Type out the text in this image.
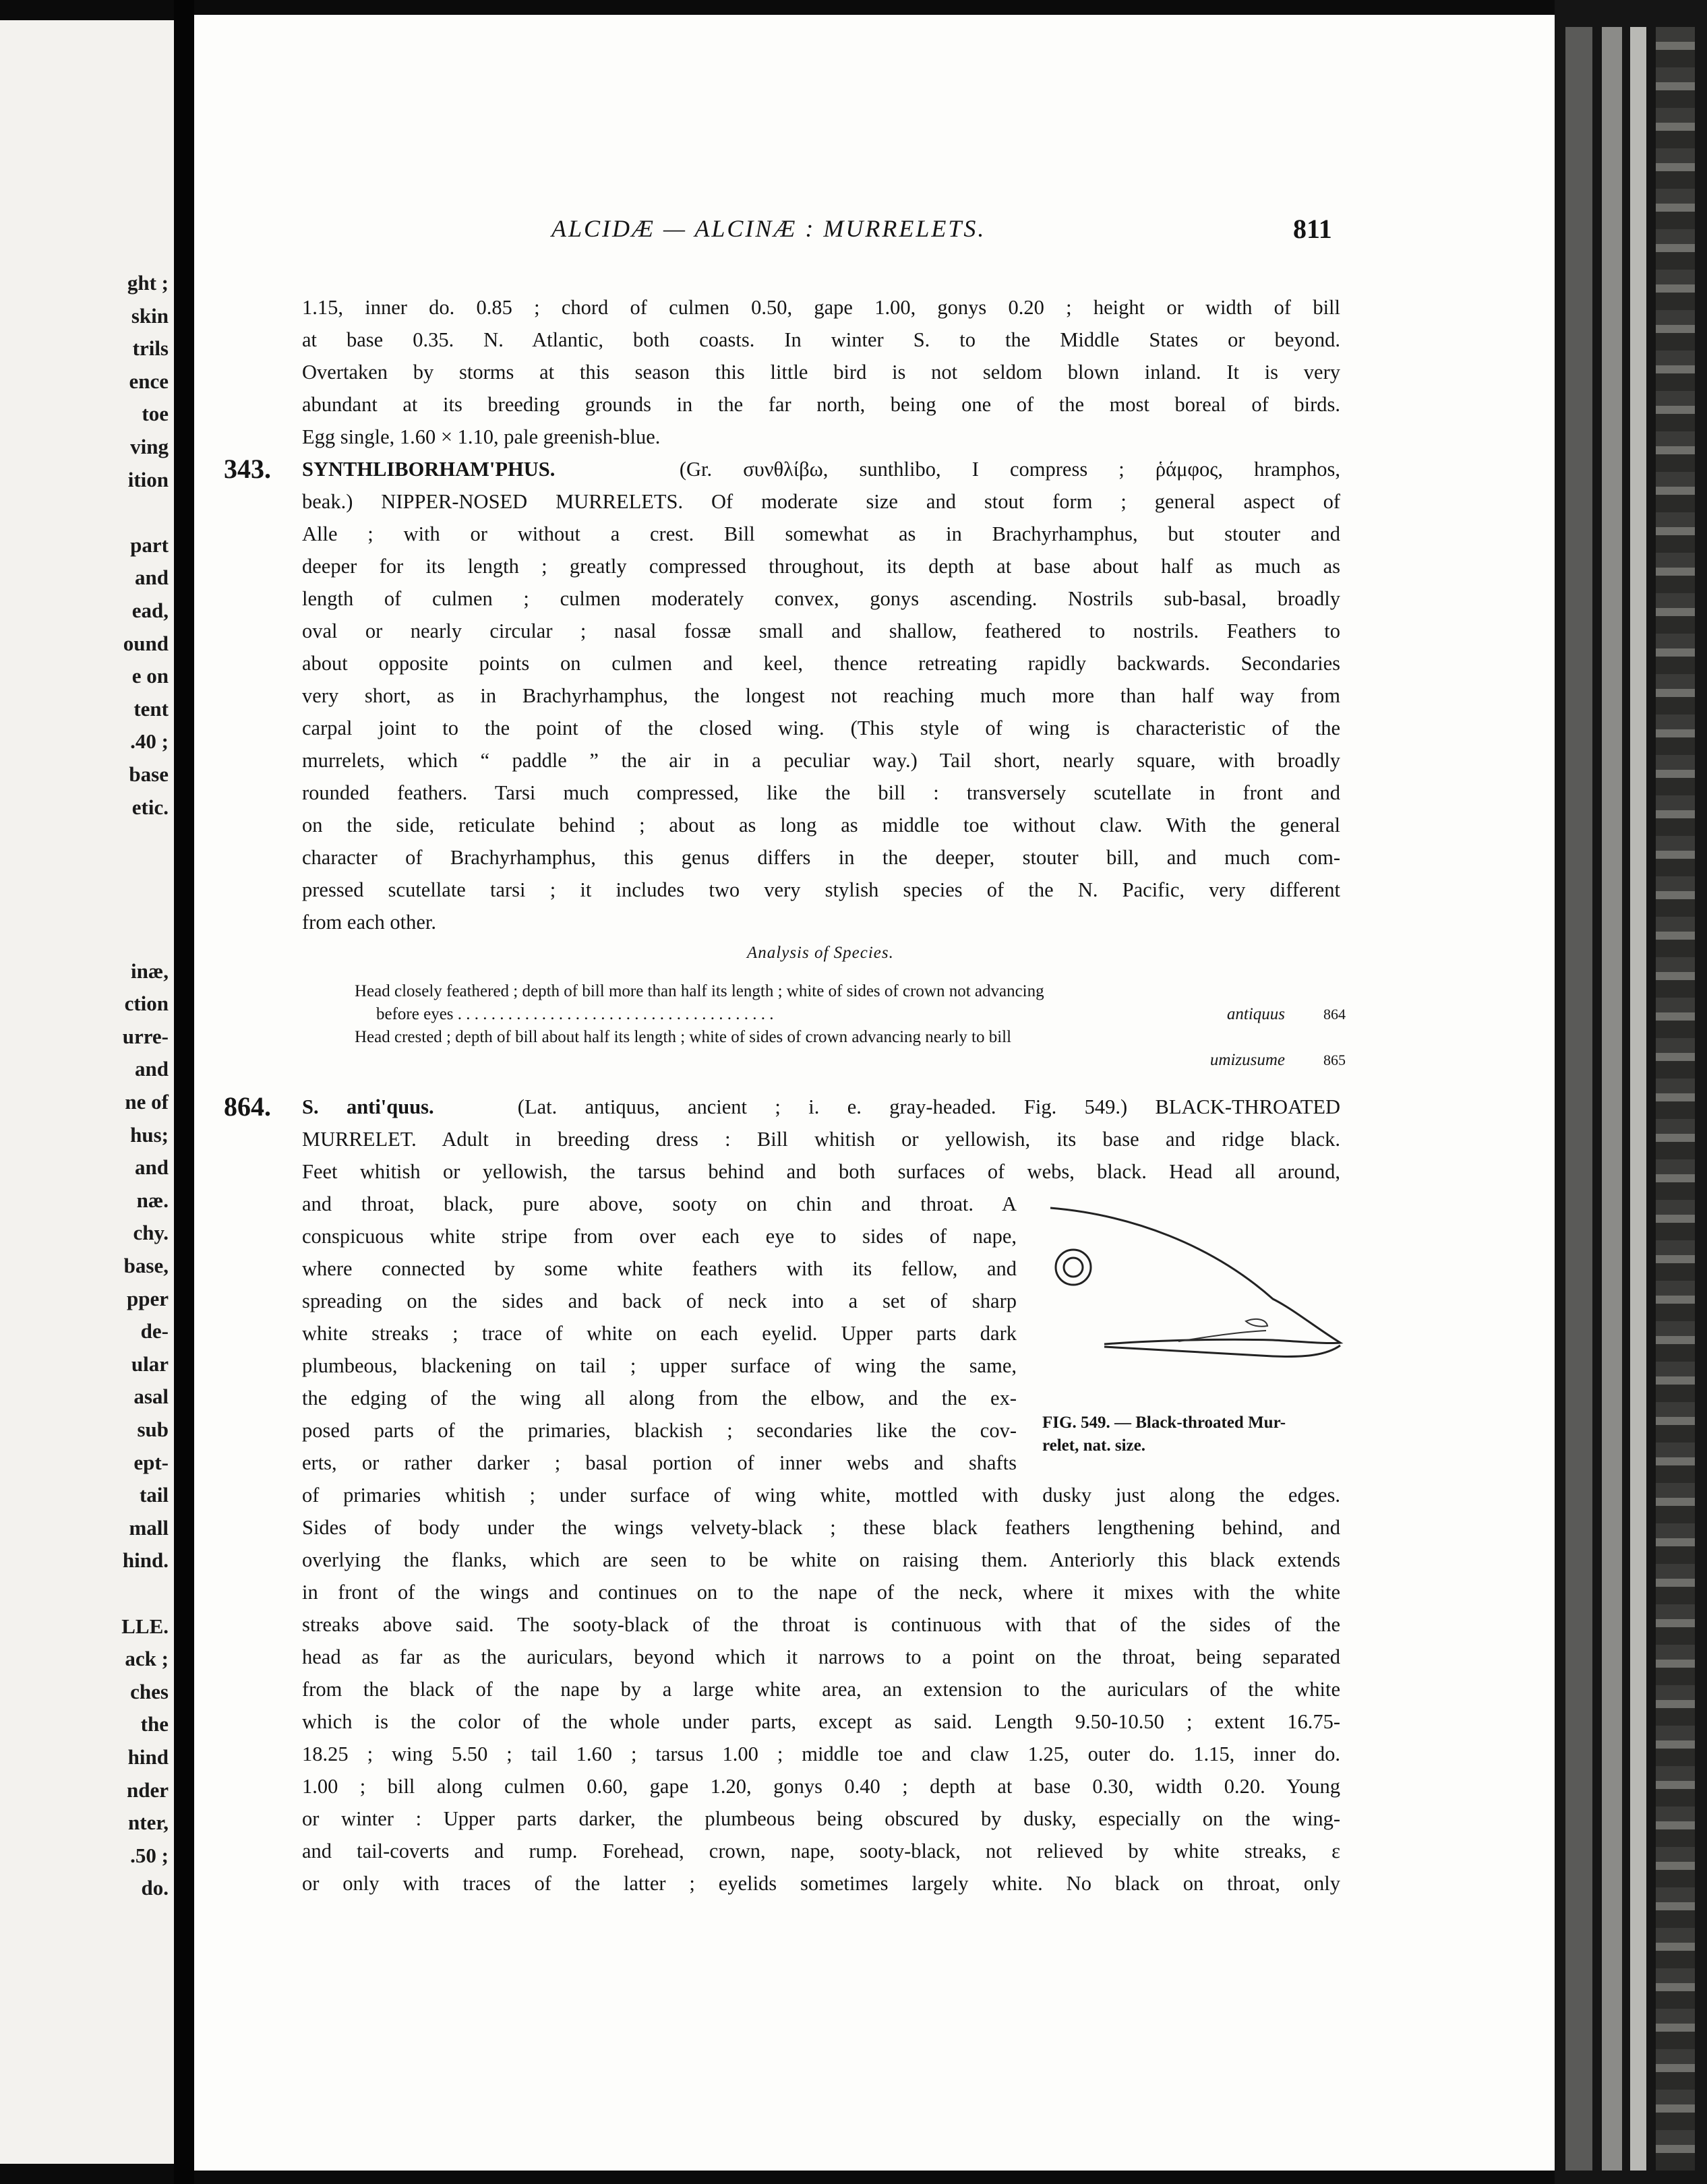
ght ;
skin
trils
ence
toe
ving
ition
part
and
ead,
ound
e on
tent
.40 ;
base
etic.
inæ,
ction
urre-
and
ne of
hus;
and
næ.
chy.
base,
pper
de-
ular
asal
sub
ept-
tail
mall
hind.
LLE.
ack ;
ches
the
hind
nder
nter,
.50 ;
do.
ALCIDÆ — ALCINÆ : MURRELETS.	811
1.15, inner do. 0.85 ; chord of culmen 0.50, gape 1.00, gonys 0.20 ; height or width of bill
at base 0.35. N. Atlantic, both coasts. In winter S. to the Middle States or beyond.
Overtaken by storms at this season this little bird is not seldom blown inland. It is very
abundant at its breeding grounds in the far north, being one of the most boreal of birds.
Egg single, 1.60 × 1.10, pale greenish-blue.
343. SYNTHLIBORHAM'PHUS.	(Gr. συνθλίβω, sunthlibo, I compress ; ῥάμφος, hramphos,
beak.) NIPPER-NOSED MURRELETS. Of moderate size and stout form ; general aspect of
Alle ; with or without a crest. Bill somewhat as in Brachyrhamphus, but stouter and
deeper for its length ; greatly compressed throughout, its depth at base about half as much as
length of culmen ; culmen moderately convex, gonys ascending. Nostrils sub-basal, broadly
oval or nearly circular ; nasal fossæ small and shallow, feathered to nostrils. Feathers to
about opposite points on culmen and keel, thence retreating rapidly backwards. Secondaries
very short, as in Brachyrhamphus, the longest not reaching much more than half way from
carpal joint to the point of the closed wing. (This style of wing is characteristic of the
murrelets, which “ paddle ” the air in a peculiar way.) Tail short, nearly square, with broadly
rounded feathers. Tarsi much compressed, like the bill : transversely scutellate in front and
on the side, reticulate behind ; about as long as middle toe without claw. With the general
character of Brachyrhamphus, this genus differs in the deeper, stouter bill, and much com-
pressed scutellate tarsi ; it includes two very stylish species of the N. Pacific, very different
from each other.
Analysis of Species.
Head closely feathered ; depth of bill more than half its length ; white of sides of crown not advancing
before eyes . . . . . . . . . . . . . . . . . . . . . . . . . . . . . . . . . . . . . .	antiquus	864
Head crested ; depth of bill about half its length ; white of sides of crown advancing nearly to bill
umizusume	865
864. S. anti'quus.	(Lat. antiquus, ancient ; i. e. gray-headed. Fig. 549.) BLACK-THROATED
MURRELET. Adult in breeding dress : Bill whitish or yellowish, its base and ridge black.
Feet whitish or yellowish, the tarsus behind and both surfaces of webs, black. Head all around,
and throat, black, pure above, sooty on chin and throat. A
conspicuous white stripe from over each eye to sides of nape,
where connected by some white feathers with its fellow, and
spreading on the sides and back of neck into a set of sharp
white streaks ; trace of white on each eyelid. Upper parts dark
plumbeous, blackening on tail ; upper surface of wing the same,
the edging of the wing all along from the elbow, and the ex-
posed parts of the primaries, blackish ; secondaries like the cov-
erts, or rather darker ; basal portion of inner webs and shafts
of primaries whitish ; under surface of wing white, mottled with dusky just along the edges.
Sides of body under the wings velvety-black ; these black feathers lengthening behind, and
overlying the flanks, which are seen to be white on raising them. Anteriorly this black extends
in front of the wings and continues on to the nape of the neck, where it mixes with the white
streaks above said. The sooty-black of the throat is continuous with that of the sides of the
head as far as the auriculars, beyond which it narrows to a point on the throat, being separated
from the black of the nape by a large white area, an extension to the auriculars of the white
which is the color of the whole under parts, except as said. Length 9.50-10.50 ; extent 16.75-
18.25 ; wing 5.50 ; tail 1.60 ; tarsus 1.00 ; middle toe and claw 1.25, outer do. 1.15, inner do.
1.00 ; bill along culmen 0.60, gape 1.20, gonys 0.40 ; depth at base 0.30, width 0.20. Young
or winter : Upper parts darker, the plumbeous being obscured by dusky, especially on the wing-
and tail-coverts and rump. Forehead, crown, nape, sooty-black, not relieved by white streaks, ε
or only with traces of the latter ; eyelids sometimes largely white. No black on throat, only
FIG. 549. — Black-throated Mur-
relet, nat. size.
